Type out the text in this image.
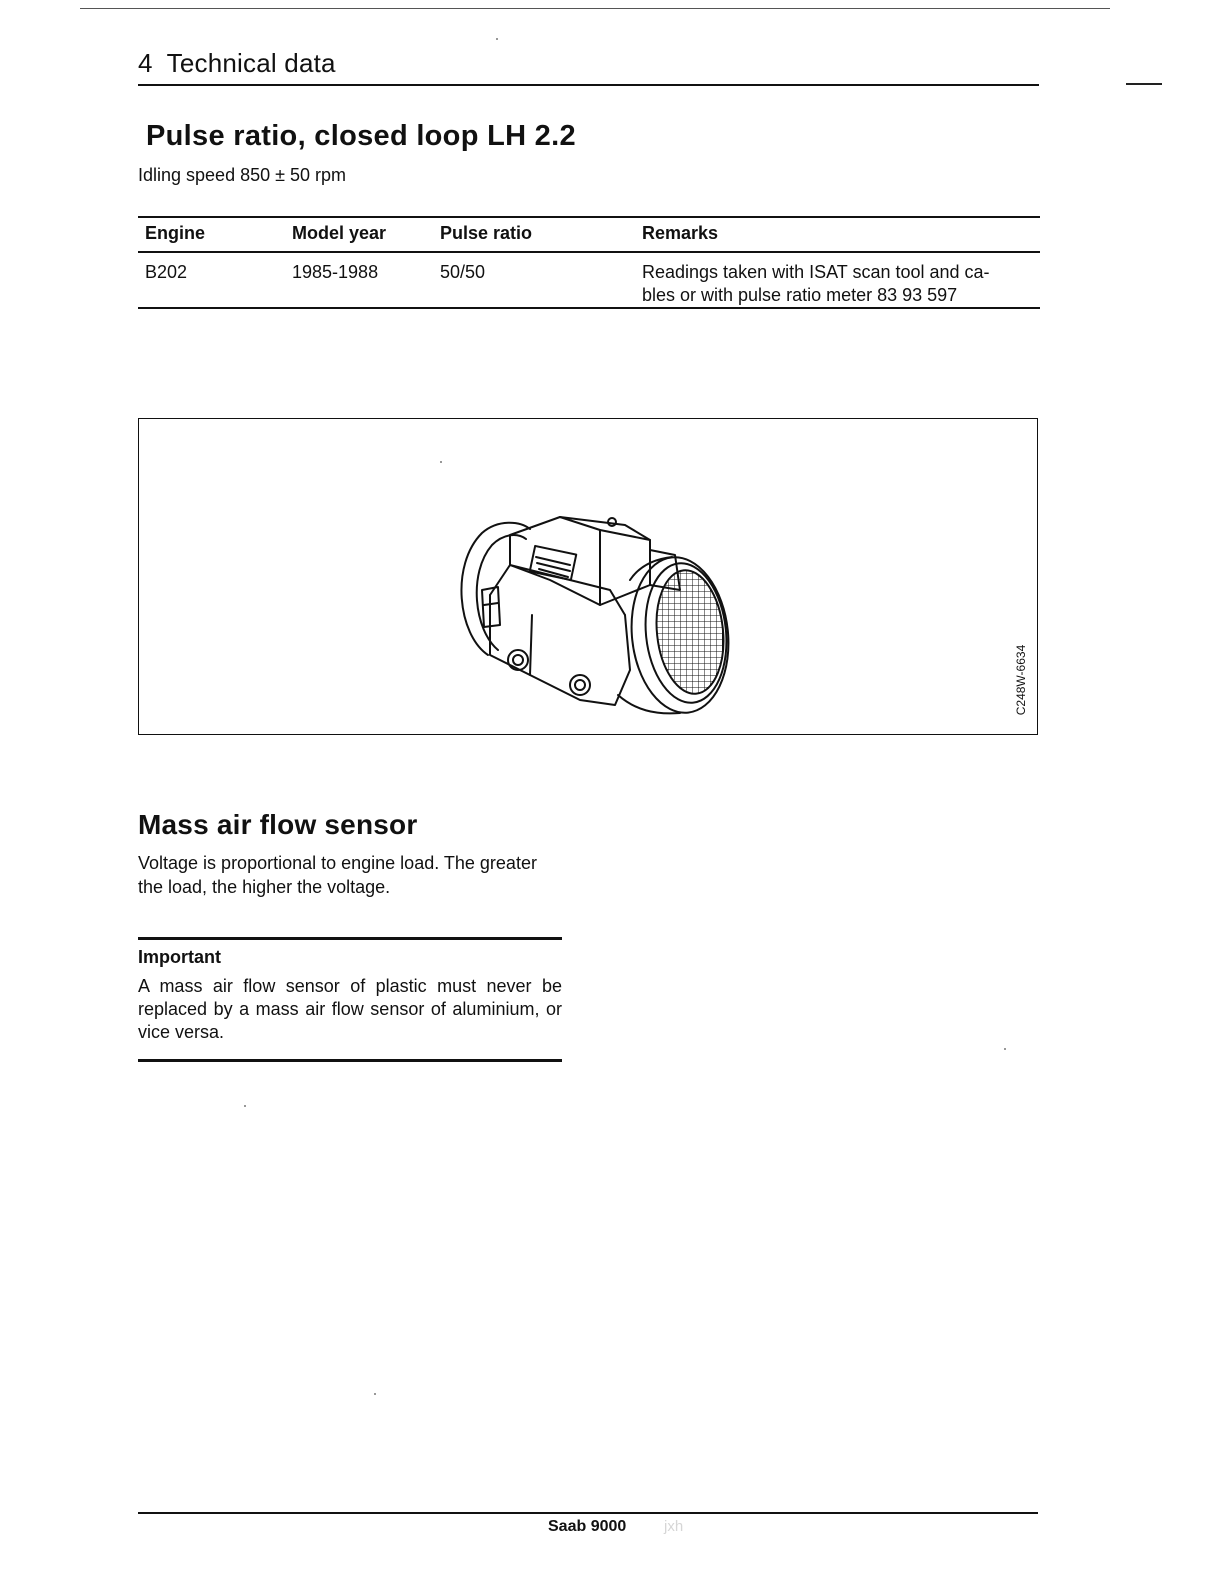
4 Technical data
Pulse ratio, closed loop LH 2.2
Idling speed 850 ± 50 rpm
Engine	Model year	Pulse ratio	Remarks
B202	1985-1988	50/50	Readings taken with ISAT scan tool and ca-
bles or with pulse ratio meter 83 93 597
C248W-6634
Mass air flow sensor
Voltage is proportional to engine load. The greater
the load, the higher the voltage.
Important
A mass air flow sensor of plastic must never be replaced by a mass air flow sensor of aluminium, or vice versa.
Saab 9000	jxh
